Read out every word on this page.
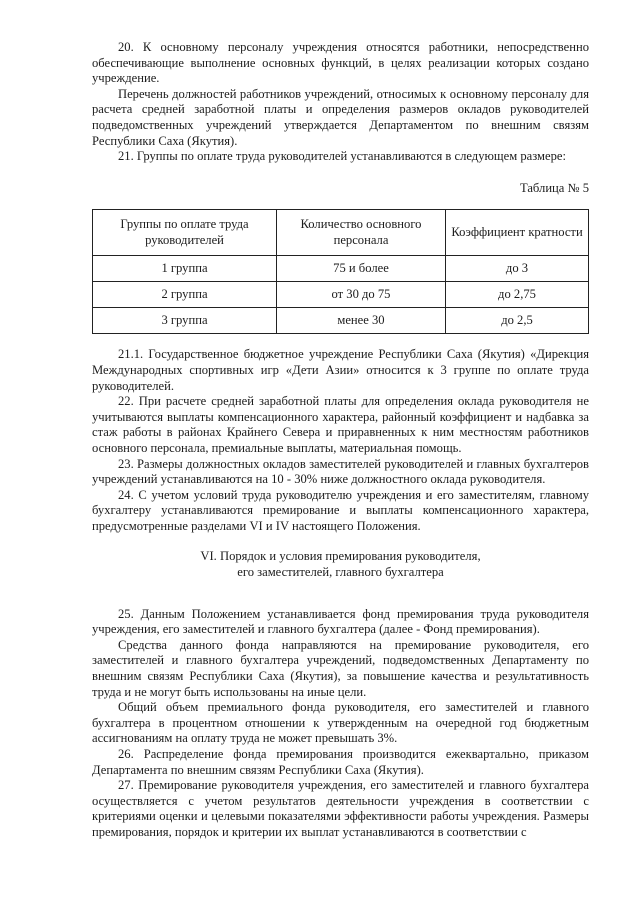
20. К основному персоналу учреждения относятся работники, непосредственно обеспечивающие выполнение основных функций, в целях реализации которых создано учреждение.

Перечень должностей работников учреждений, относимых к основному персоналу для расчета средней заработной платы и определения размеров окладов руководителей подведомственных учреждений утверждается Департаментом по внешним связям Республики Саха (Якутия).

21. Группы по оплате труда руководителей устанавливаются в следующем размере:

Таблица № 5
Группы по оплате труда руководителей	Количество основного персонала	Коэффициент кратности
1 группа	75 и более	до 3
2 группа	от 30 до 75	до 2,75
3 группа	менее 30	до 2,5

21.1. Государственное бюджетное учреждение Республики Саха (Якутия) «Дирекция Международных спортивных игр «Дети Азии» относится к 3 группе по оплате труда руководителей.

22. При расчете средней заработной платы для определения оклада руководителя не учитываются выплаты компенсационного характера, районный коэффициент и надбавка за стаж работы в районах Крайнего Севера и приравненных к ним местностям работников основного персонала, премиальные выплаты, материальная помощь.

23. Размеры должностных окладов заместителей руководителей и главных бухгалтеров учреждений устанавливаются на 10 - 30% ниже должностного оклада руководителя.

24. С учетом условий труда руководителю учреждения и его заместителям, главному бухгалтеру устанавливаются премирование и выплаты компенсационного характера, предусмотренные разделами VI и IV настоящего Положения.

VI. Порядок и условия премирования руководителя,
его заместителей, главного бухгалтера

25. Данным Положением устанавливается фонд премирования труда руководителя учреждения, его заместителей и главного бухгалтера (далее - Фонд премирования).

Средства данного фонда направляются на премирование руководителя, его заместителей и главного бухгалтера учреждений, подведомственных Департаменту по внешним связям Республики Саха (Якутия), за повышение качества и результативность труда и не могут быть использованы на иные цели.

Общий объем премиального фонда руководителя, его заместителей и главного бухгалтера в процентном отношении к утвержденным на очередной год бюджетным ассигнованиям на оплату труда не может превышать 3%.

26. Распределение фонда премирования производится ежеквартально, приказом Департамента по внешним связям Республики Саха (Якутия).

27. Премирование руководителя учреждения, его заместителей и главного бухгалтера осуществляется с учетом результатов деятельности учреждения в соответствии с критериями оценки и целевыми показателями эффективности работы учреждения. Размеры премирования, порядок и критерии их выплат устанавливаются в соответствии с
